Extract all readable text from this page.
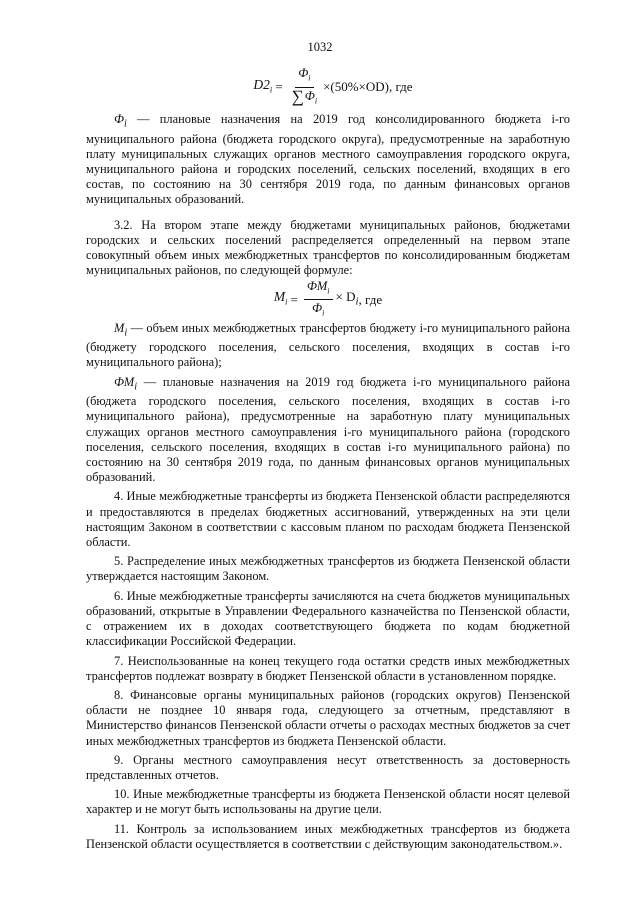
1032
$D2_i = \frac{Ф_i}{\sum Ф_i} \times(50\%\times ОD)$ , где

$Ф_i$ — плановые назначения на 2019 год консолидированного бюджета i-го муниципального района (бюджета городского округа), предусмотренные на заработную плату муниципальных служащих органов местного самоуправления городского округа, муниципального района и городских поселений, сельских поселений, входящих в его состав, по состоянию на 30 сентября 2019 года, по данным финансовых органов муниципальных образований.

3.2. На втором этапе между бюджетами муниципальных районов, бюджетами городских и сельских поселений распределяется определенный на первом этапе совокупный объем иных межбюджетных трансфертов по консолидированным бюджетам муниципальных районов, по следующей формуле:

$M_i = \frac{ФМ_i}{Ф_i} \times D_i$ , где

$M_i$ — объем иных межбюджетных трансфертов бюджету i-го муниципального района (бюджету городского поселения, сельского поселения, входящих в состав i-го муниципального района);

$ФМ_i$ — плановые назначения на 2019 год бюджета i-го муниципального района (бюджета городского поселения, сельского поселения, входящих в состав i-го муниципального района), предусмотренные на заработную плату муниципальных служащих органов местного самоуправления i-го муниципального района (городского поселения, сельского поселения, входящих в состав i-го муниципального района) по состоянию на 30 сентября 2019 года, по данным финансовых органов муниципальных образований.

4. Иные межбюджетные трансферты из бюджета Пензенской области распределяются и предоставляются в пределах бюджетных ассигнований, утвержденных на эти цели настоящим Законом в соответствии с кассовым планом по расходам бюджета Пензенской области.

5. Распределение иных межбюджетных трансфертов из бюджета Пензенской области утверждается настоящим Законом.

6. Иные межбюджетные трансферты зачисляются на счета бюджетов муниципальных образований, открытые в Управлении Федерального казначейства по Пензенской области, с отражением их в доходах соответствующего бюджета по кодам бюджетной классификации Российской Федерации.

7. Неиспользованные на конец текущего года остатки средств иных межбюджетных трансфертов подлежат возврату в бюджет Пензенской области в установленном порядке.

8. Финансовые органы муниципальных районов (городских округов) Пензенской области не позднее 10 января года, следующего за отчетным, представляют в Министерство финансов Пензенской области отчеты о расходах местных бюджетов за счет иных межбюджетных трансфертов из бюджета Пензенской области.

9. Органы местного самоуправления несут ответственность за достоверность представленных отчетов.

10. Иные межбюджетные трансферты из бюджета Пензенской области носят целевой характер и не могут быть использованы на другие цели.

11. Контроль за использованием иных межбюджетных трансфертов из бюджета Пензенской области осуществляется в соответствии с действующим законодательством.».
